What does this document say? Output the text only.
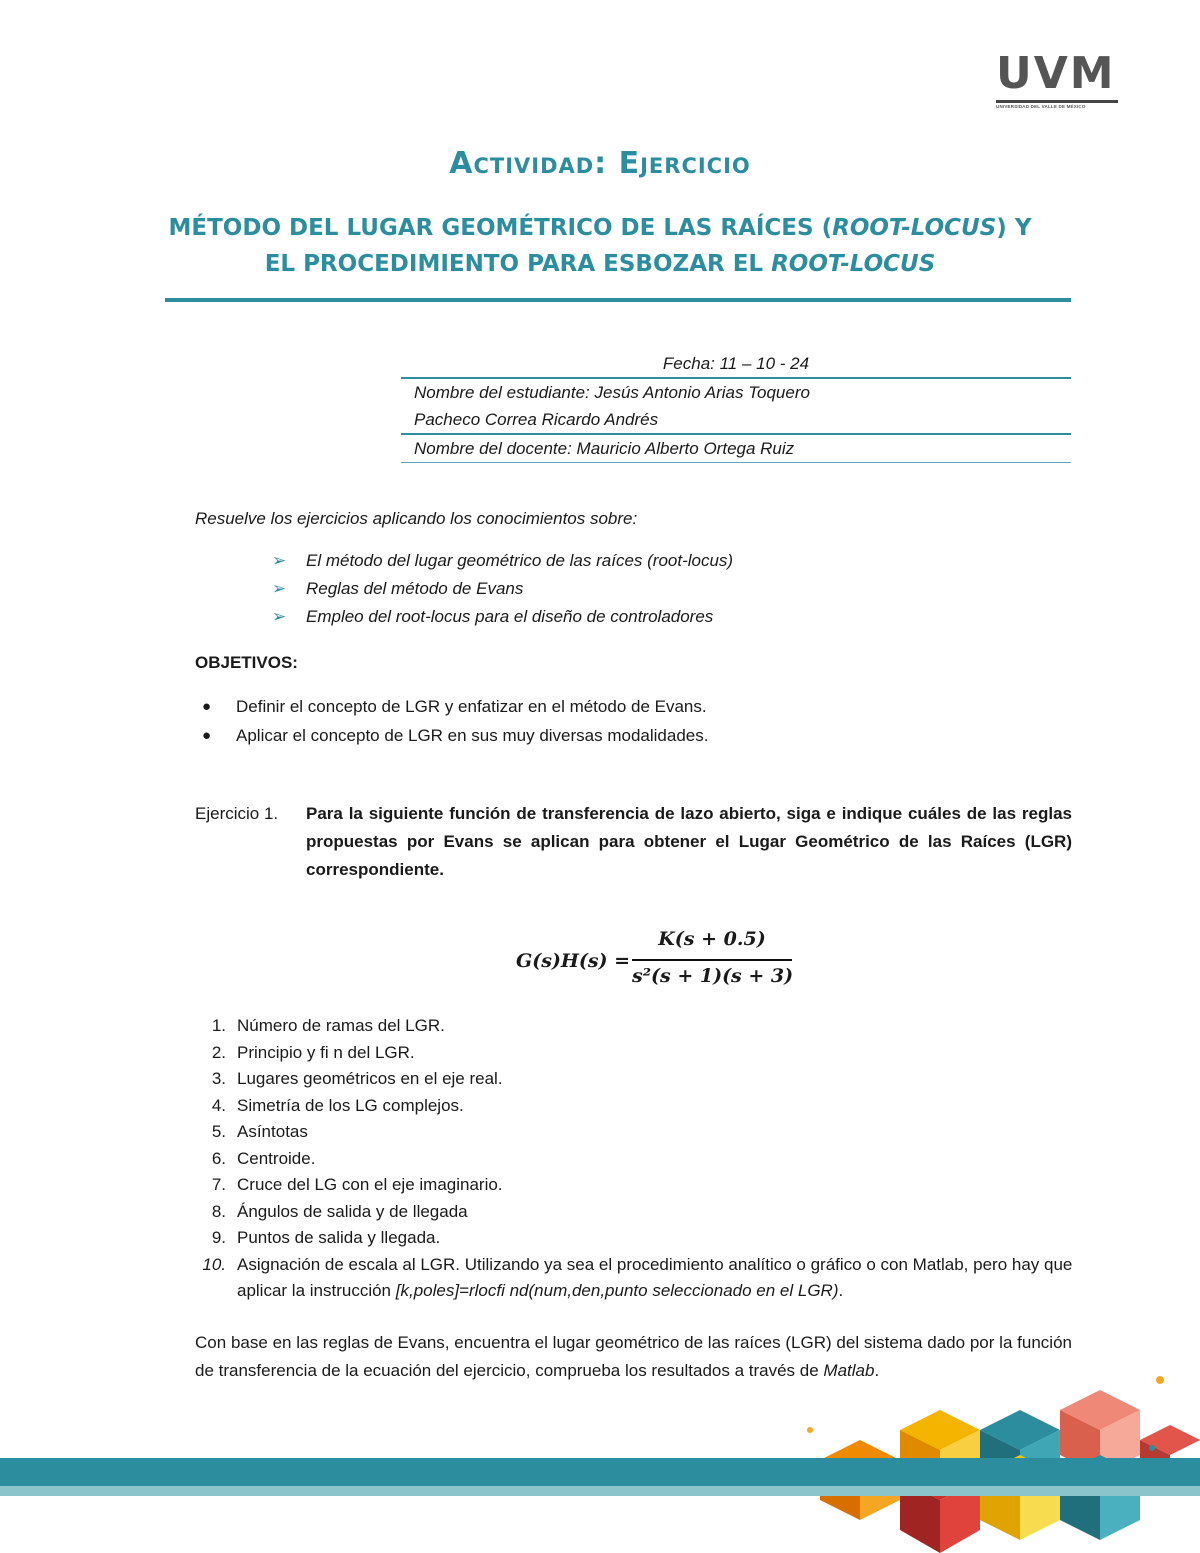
UVM
UNIVERSIDAD DEL VALLE DE MÉXICO
Actividad: Ejercicio
MÉTODO DEL LUGAR GEOMÉTRICO DE LAS RAÍCES (ROOT-LOCUS) Y
EL PROCEDIMIENTO PARA ESBOZAR EL ROOT-LOCUS
Fecha: 11 – 10 - 24
Nombre del estudiante: Jesús Antonio Arias Toquero
Pacheco Correa Ricardo Andrés
Nombre del docente: Mauricio Alberto Ortega Ruiz
Resuelve los ejercicios aplicando los conocimientos sobre:
➢ El método del lugar geométrico de las raíces (root-locus)
➢ Reglas del método de Evans
➢ Empleo del root-locus para el diseño de controladores
OBJETIVOS:
● Definir el concepto de LGR y enfatizar en el método de Evans.
● Aplicar el concepto de LGR en sus muy diversas modalidades.
Ejercicio 1. Para la siguiente función de transferencia de lazo abierto, siga e indique cuáles de las reglas propuestas por Evans se aplican para obtener el Lugar Geométrico de las Raíces (LGR) correspondiente.
G(s)H(s) =
K(s + 0.5)
s²(s + 1)(s + 3)
1. Número de ramas del LGR.
2. Principio y fi n del LGR.
3. Lugares geométricos en el eje real.
4. Simetría de los LG complejos.
5. Asíntotas
6. Centroide.
7. Cruce del LG con el eje imaginario.
8. Ángulos de salida y de llegada
9. Puntos de salida y llegada.
10. Asignación de escala al LGR. Utilizando ya sea el procedimiento analítico o gráfico o con Matlab, pero hay que aplicar la instrucción [k,poles]=rlocfi nd(num,den,punto seleccionado en el LGR).
Con base en las reglas de Evans, encuentra el lugar geométrico de las raíces (LGR) del sistema dado por la función de transferencia de la ecuación del ejercicio, comprueba los resultados a través de Matlab.
